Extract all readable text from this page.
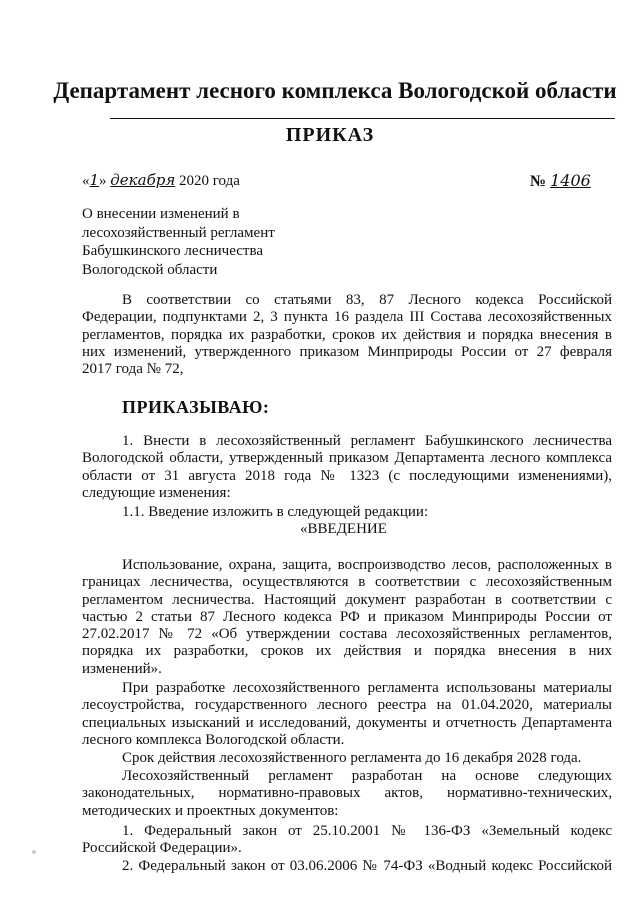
Департамент лесного комплекса Вологодской области
ПРИКАЗ
«1» декабря 2020 года	№ 1406
О внесении изменений в
лесохозяйственный регламент
Бабушкинского лесничества
Вологодской области
В соответствии со статьями 83, 87 Лесного кодекса Российской
Федерации, подпунктами 2, 3 пункта 16 раздела III Состава лесохозяйственных
регламентов, порядка их разработки, сроков их действия и порядка внесения в
них изменений, утвержденного приказом Минприроды России от 27 февраля
2017 года № 72,
ПРИКАЗЫВАЮ:
1. Внести в лесохозяйственный регламент Бабушкинского лесничества
Вологодской области, утвержденный приказом Департамента лесного комплекса
области от 31 августа 2018 года № 1323 (с последующими изменениями),
следующие изменения:
1.1. Введение изложить в следующей редакции:
«ВВЕДЕНИЕ
Использование, охрана, защита, воспроизводство лесов, расположенных в
границах лесничества, осуществляются в соответствии с лесохозяйственным
регламентом лесничества. Настоящий документ разработан в соответствии с
частью 2 статьи 87 Лесного кодекса РФ и приказом Минприроды России от
27.02.2017 № 72 «Об утверждении состава лесохозяйственных регламентов,
порядка их разработки, сроков их действия и порядка внесения в них
изменений».
При разработке лесохозяйственного регламента использованы материалы
лесоустройства, государственного лесного реестра на 01.04.2020, материалы
специальных изысканий и исследований, документы и отчетность Департамента
лесного комплекса Вологодской области.
Срок действия лесохозяйственного регламента до 16 декабря 2028 года.
Лесохозяйственный регламент разработан на основе следующих
законодательных, нормативно-правовых актов, нормативно-технических,
методических и проектных документов:
1. Федеральный закон от 25.10.2001 № 136-ФЗ «Земельный кодекс
Российской Федерации».
2. Федеральный закон от 03.06.2006 № 74-ФЗ «Водный кодекс Российской
